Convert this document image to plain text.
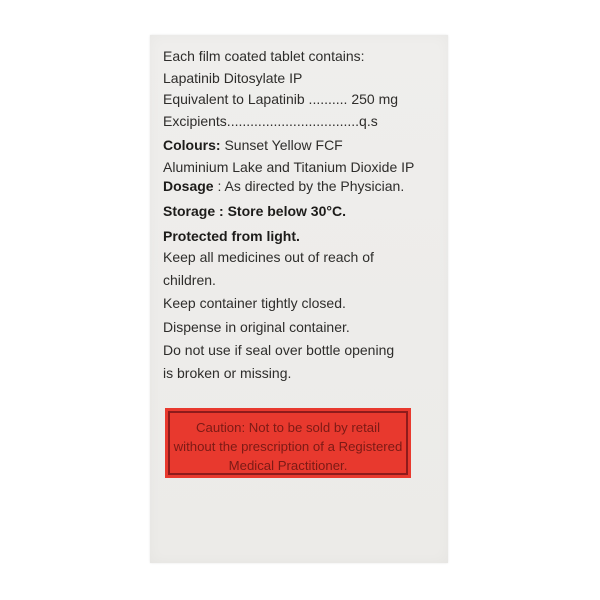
Each film coated tablet contains:
Lapatinib Ditosylate IP
Equivalent to Lapatinib .......... 250 mg
Excipients..................................q.s
Colours: Sunset Yellow FCF
Aluminium Lake and Titanium Dioxide IP
Dosage : As directed by the Physician.
Storage : Store below 30°C.
Protected from light.
Keep all medicines out of reach of
children.
Keep container tightly closed.
Dispense in original container.
Do not use if seal over bottle opening
is broken or missing.
Caution: Not to be sold by retail
without the prescription of a Registered
Medical Practitioner.
